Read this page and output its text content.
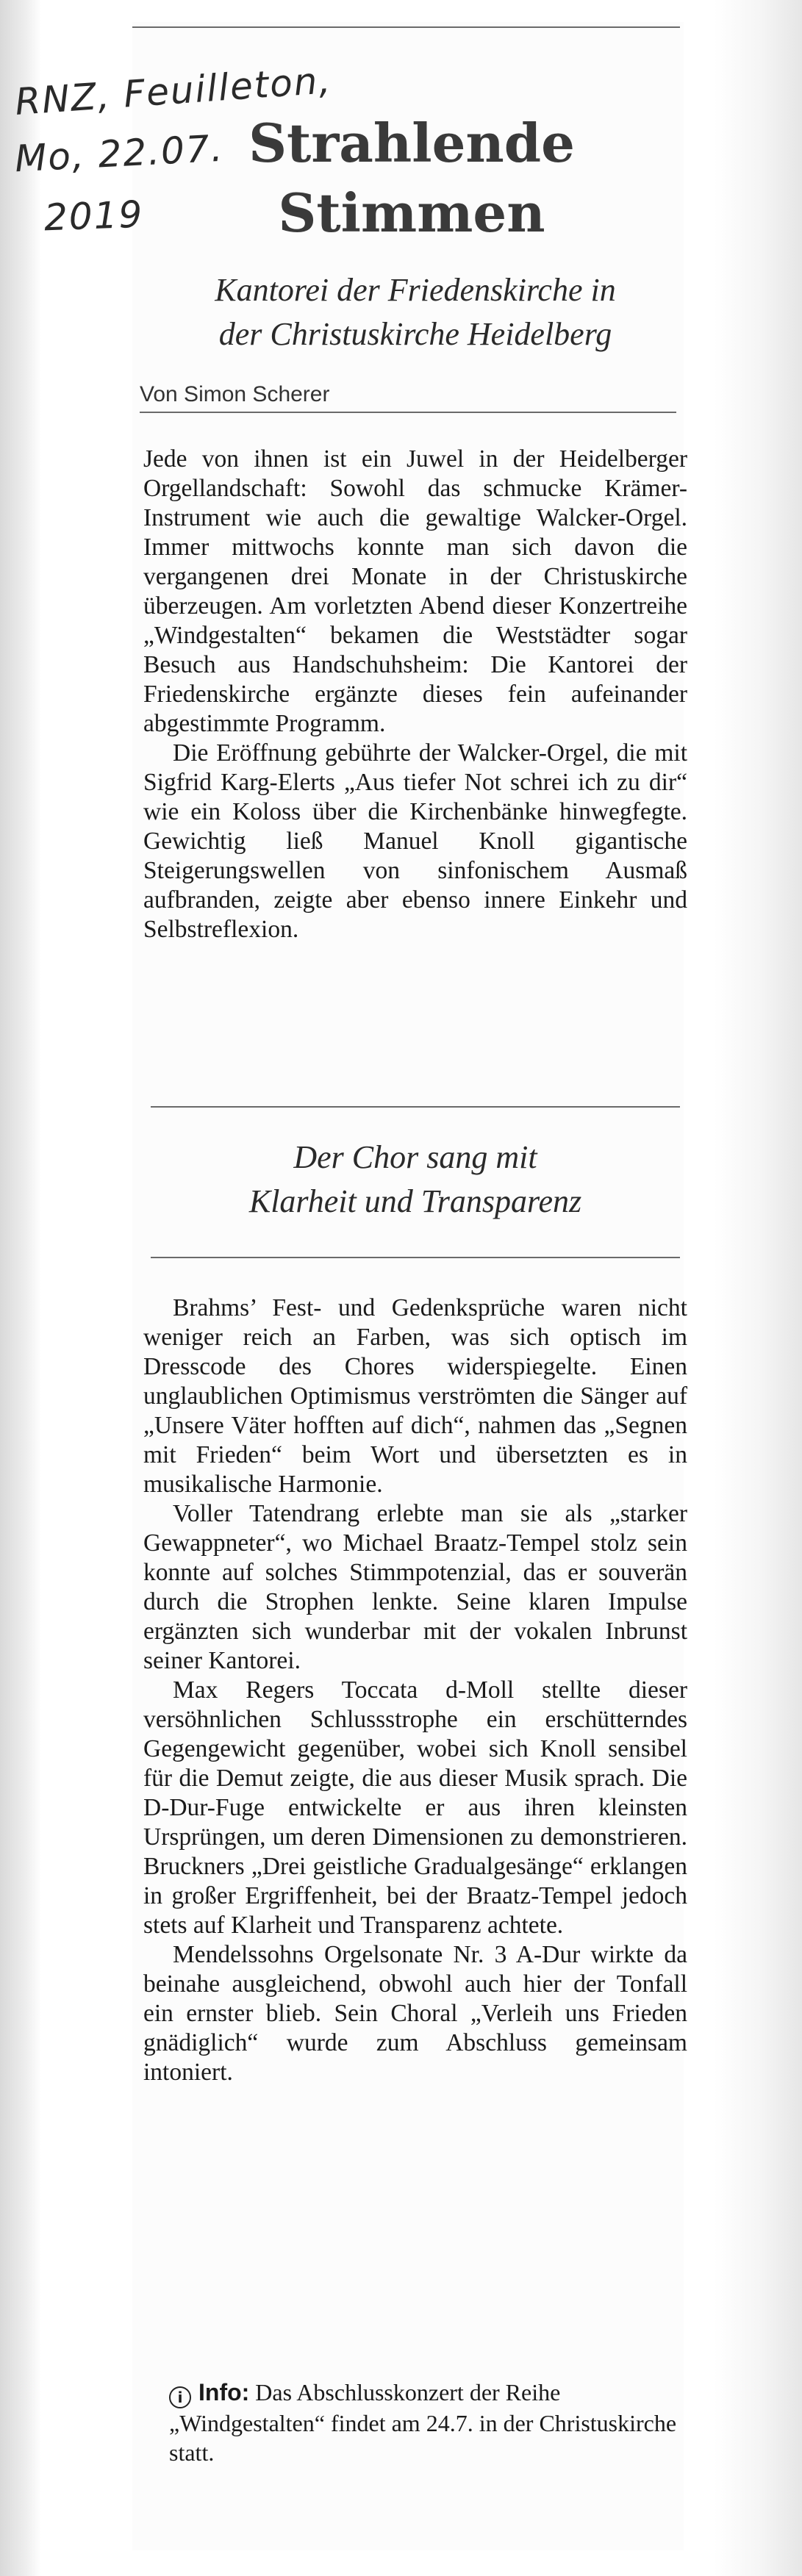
RNZ, Feuilleton,
Mo, 22.07.
2019
Strahlende
Stimmen
Kantorei der Friedenskirche in
der Christuskirche Heidelberg
Von Simon Scherer

Jede von ihnen ist ein Juwel in der Heidelberger Orgellandschaft: Sowohl das schmucke Krämer-Instrument wie auch die gewaltige Walcker-Orgel. Immer mittwochs konnte man sich davon die vergangenen drei Monate in der Christuskirche überzeugen. Am vorletzten Abend dieser Konzertreihe „Windgestalten“ bekamen die Weststädter sogar Besuch aus Handschuhsheim: Die Kantorei der Friedenskirche ergänzte dieses fein aufeinander abgestimmte Programm.

Die Eröffnung gebührte der Walcker-Orgel, die mit Sigfrid Karg-Elerts „Aus tiefer Not schrei ich zu dir“ wie ein Koloss über die Kirchenbänke hinwegfegte. Gewichtig ließ Manuel Knoll gigantische Steigerungswellen von sinfonischem Ausmaß aufbranden, zeigte aber ebenso innere Einkehr und Selbstreflexion.

Der Chor sang mit
Klarheit und Transparenz

Brahms’ Fest- und Gedenksprüche waren nicht weniger reich an Farben, was sich optisch im Dresscode des Chores widerspiegelte. Einen unglaublichen Optimismus verströmten die Sänger auf „Unsere Väter hofften auf dich“, nahmen das „Segnen mit Frieden“ beim Wort und übersetzten es in musikalische Harmonie.

Voller Tatendrang erlebte man sie als „starker Gewappneter“, wo Michael Braatz-Tempel stolz sein konnte auf solches Stimmpotenzial, das er souverän durch die Strophen lenkte. Seine klaren Impulse ergänzten sich wunderbar mit der vokalen Inbrunst seiner Kantorei.

Max Regers Toccata d-Moll stellte dieser versöhnlichen Schlussstrophe ein erschütterndes Gegengewicht gegenüber, wobei sich Knoll sensibel für die Demut zeigte, die aus dieser Musik sprach. Die D-Dur-Fuge entwickelte er aus ihren kleinsten Ursprüngen, um deren Dimensionen zu demonstrieren. Bruckners „Drei geistliche Gradualgesänge“ erklangen in großer Ergriffenheit, bei der Braatz-Tempel jedoch stets auf Klarheit und Transparenz achtete.

Mendelssohns Orgelsonate Nr. 3 A-Dur wirkte da beinahe ausgleichend, obwohl auch hier der Tonfall ein ernster blieb. Sein Choral „Verleih uns Frieden gnädiglich“ wurde zum Abschluss gemeinsam intoniert.

i Info: Das Abschlusskonzert der Reihe „Windgestalten“ findet am 24.7. in der Christuskirche statt.
